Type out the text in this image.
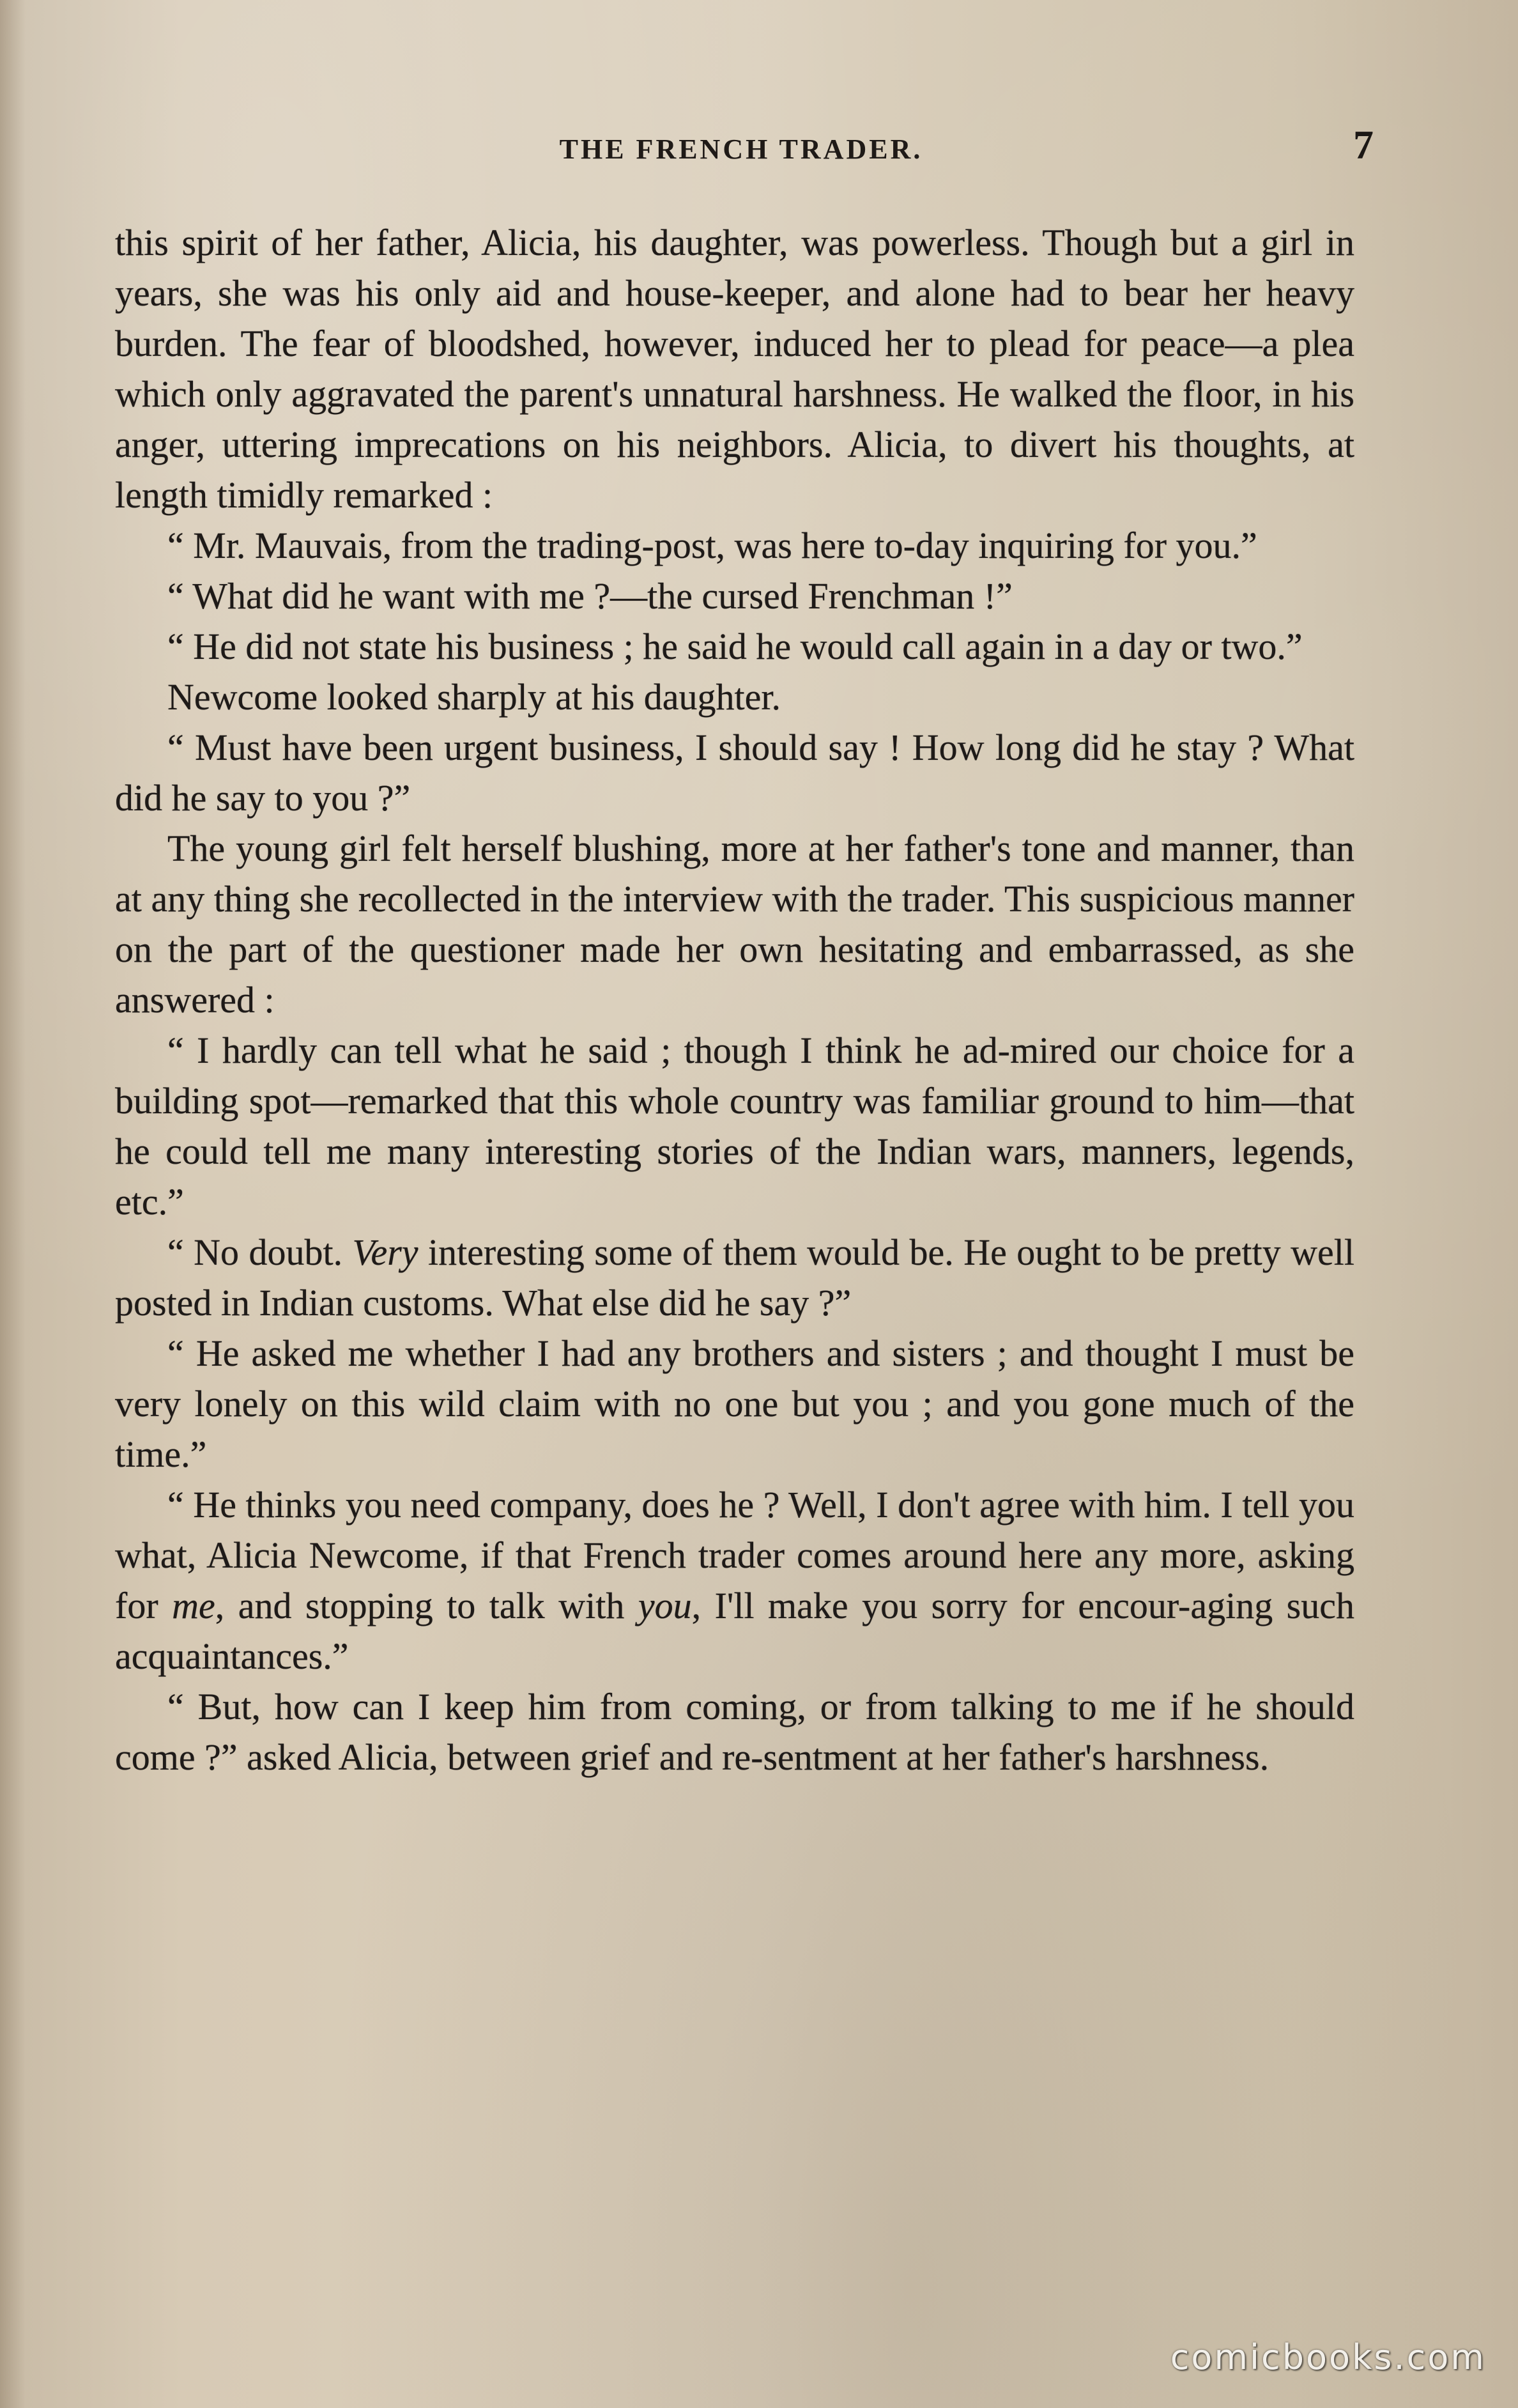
THE FRENCH TRADER.	7

this spirit of her father, Alicia, his daughter, was powerless. Though but a girl in years, she was his only aid and house-keeper, and alone had to bear her heavy burden. The fear of bloodshed, however, induced her to plead for peace—a plea which only aggravated the parent's unnatural harshness. He walked the floor, in his anger, uttering imprecations on his neighbors. Alicia, to divert his thoughts, at length timidly remarked :

“ Mr. Mauvais, from the trading-post, was here to-day inquiring for you.”

“ What did he want with me ?—the cursed Frenchman !”

“ He did not state his business ; he said he would call again in a day or two.”

Newcome looked sharply at his daughter.

“ Must have been urgent business, I should say ! How long did he stay ? What did he say to you ?”

The young girl felt herself blushing, more at her father's tone and manner, than at any thing she recollected in the interview with the trader. This suspicious manner on the part of the questioner made her own hesitating and embarrassed, as she answered :

“ I hardly can tell what he said ; though I think he ad-mired our choice for a building spot—remarked that this whole country was familiar ground to him—that he could tell me many interesting stories of the Indian wars, manners, legends, etc.”

“ No doubt. Very interesting some of them would be. He ought to be pretty well posted in Indian customs. What else did he say ?”

“ He asked me whether I had any brothers and sisters ; and thought I must be very lonely on this wild claim with no one but you ; and you gone much of the time.”

“ He thinks you need company, does he ? Well, I don't agree with him. I tell you what, Alicia Newcome, if that French trader comes around here any more, asking for me, and stopping to talk with you, I'll make you sorry for encour-aging such acquaintances.”

“ But, how can I keep him from coming, or from talking to me if he should come ?” asked Alicia, between grief and re-sentment at her father's harshness.

comicbooks.com
